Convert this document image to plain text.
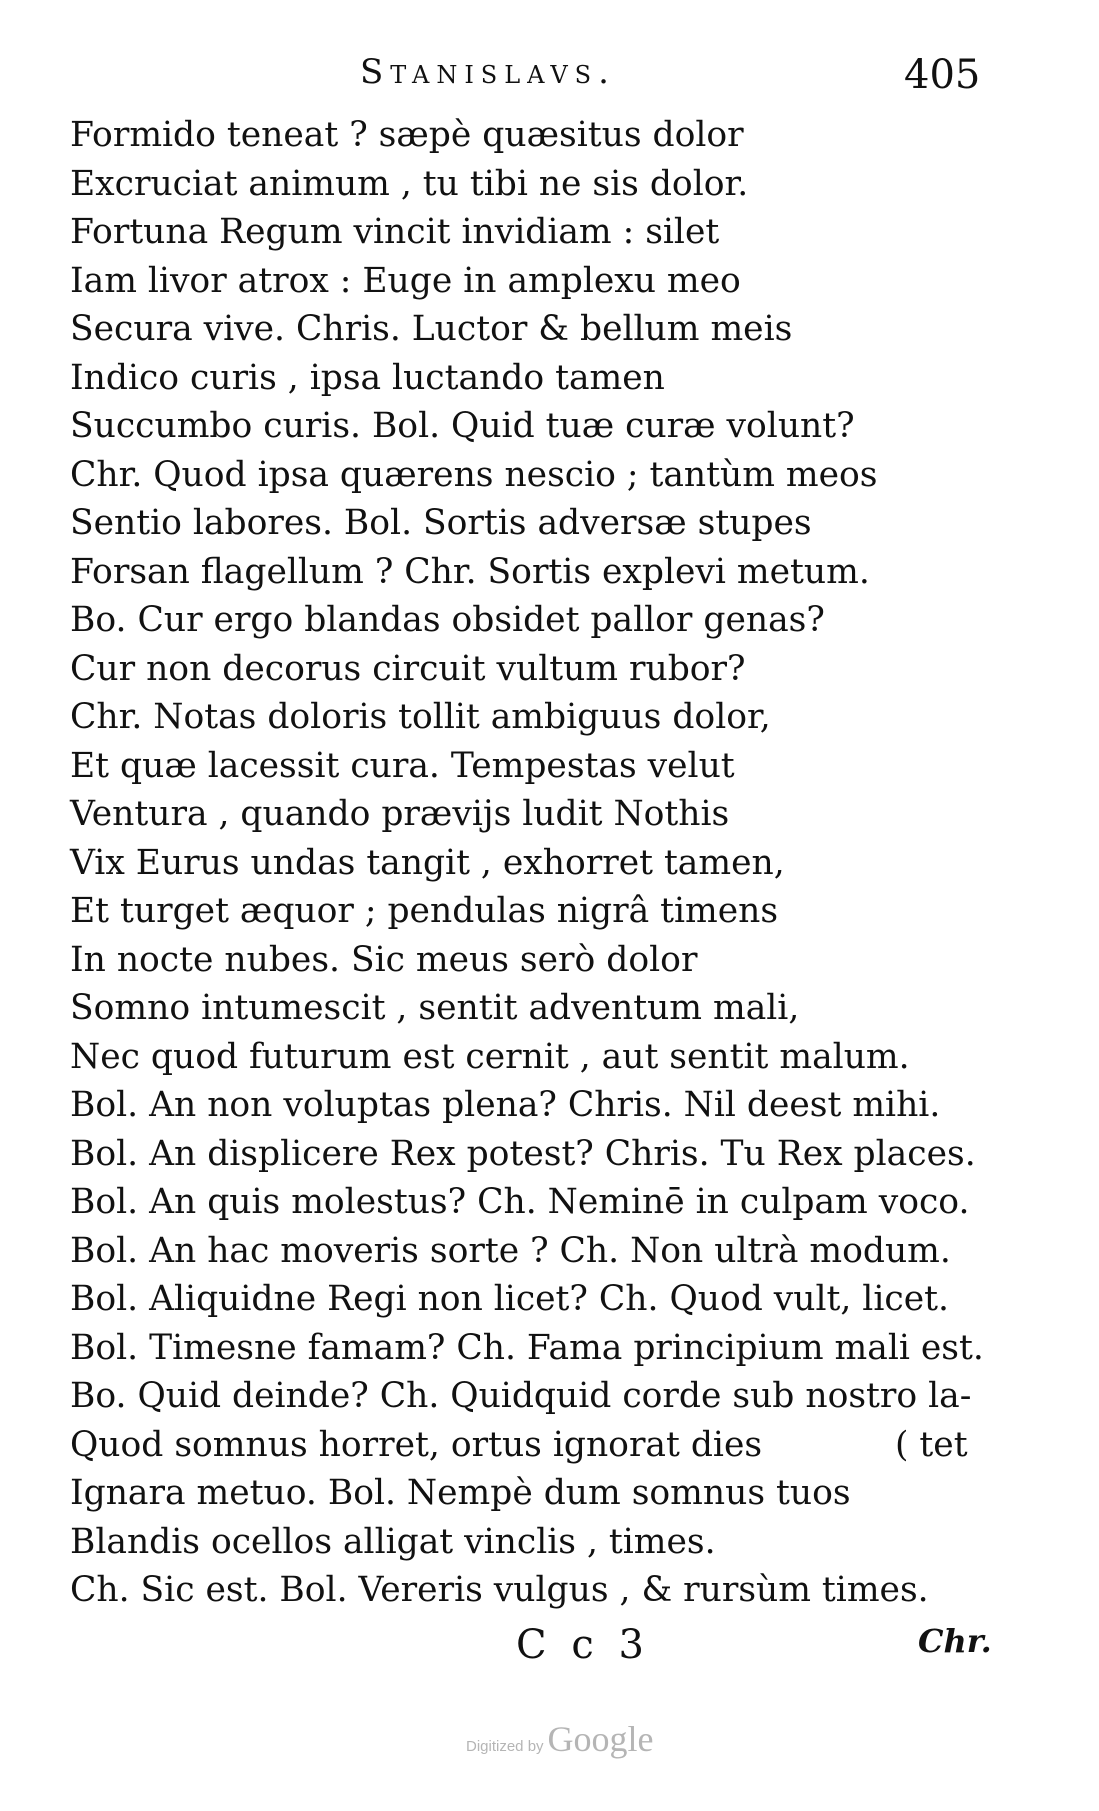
Stanislavs.	405
Formido teneat ? sæpè quæsitus dolor
Excruciat animum , tu tibi ne sis dolor.
Fortuna Regum vincit invidiam : silet
Iam livor atrox : Euge in amplexu meo
Secura vive. Chris. Luctor & bellum meis
Indico curis , ipsa luctando tamen
Succumbo curis. Bol. Quid tuæ curæ volunt?
Chr. Quod ipsa quærens nescio ; tantùm meos
Sentio labores. Bol. Sortis adversæ stupes
Forsan flagellum ? Chr. Sortis explevi metum.
Bo. Cur ergo blandas obsidet pallor genas?
Cur non decorus circuit vultum rubor?
Chr. Notas doloris tollit ambiguus dolor,
Et quæ lacessit cura. Tempestas velut
Ventura , quando prævijs ludit Nothis
Vix Eurus undas tangit , exhorret tamen,
Et turget æquor ; pendulas nigrâ timens
In nocte nubes. Sic meus serò dolor
Somno intumescit , sentit adventum mali,
Nec quod futurum est cernit , aut sentit malum.
Bol. An non voluptas plena? Chris. Nil deest mihi.
Bol. An displicere Rex potest? Chris. Tu Rex places.
Bol. An quis molestus? Ch. Neminē in culpam voco.
Bol. An hac moveris sorte ? Ch. Non ultrà modum.
Bol. Aliquidne Regi non licet? Ch. Quod vult, licet.
Bol. Timesne famam? Ch. Fama principium mali est.
Bo. Quid deinde? Ch. Quidquid corde sub nostro la-
Quod somnus horret, ortus ignorat dies	( tet
Ignara metuo. Bol. Nempè dum somnus tuos
Blandis ocellos alligat vinclis , times.
Ch. Sic est. Bol. Vereris vulgus , & rursùm times.
C c 3	Chr.
Digitized by Google
